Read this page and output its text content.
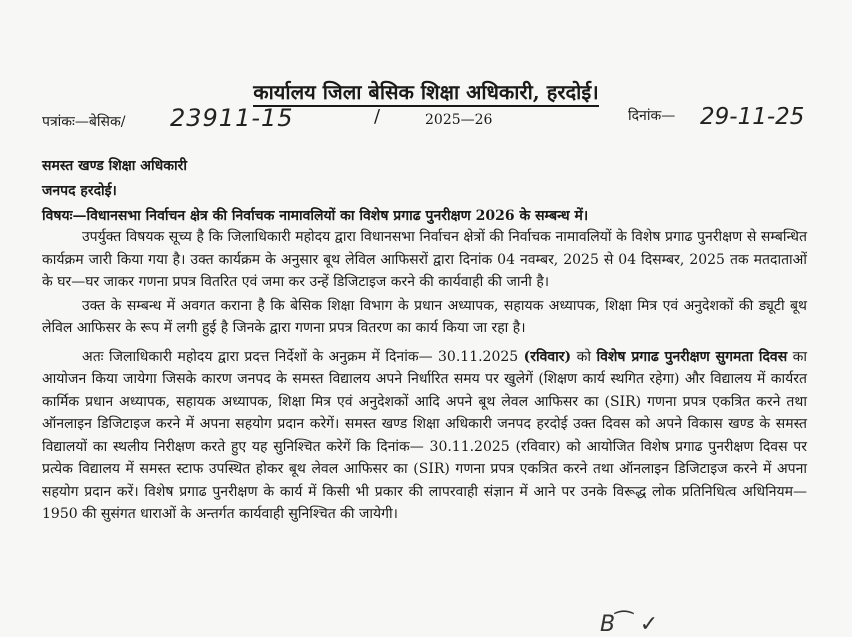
कार्यालय जिला बेसिक शिक्षा अधिकारी, हरदोई।
पत्रांकः—बेसिक/ 23911-15	/	2025—26	दिनांक— 29-11-25
समस्त खण्ड शिक्षा अधिकारी
जनपद हरदोई।
विषयः—विधानसभा निर्वाचन क्षेत्र की निर्वाचक नामावलियों का विशेष प्रगाढ पुनरीक्षण 2026 के सम्बन्ध में।

उपर्युक्त विषयक सूच्य है कि जिलाधिकारी महोदय द्वारा विधानसभा निर्वाचन क्षेत्रों की निर्वाचक नामावलियों के विशेष प्रगाढ पुनरीक्षण से सम्बन्धित कार्यक्रम जारी किया गया है। उक्त कार्यक्रम के अनुसार बूथ लेविल आफिसरों द्वारा दिनांक 04 नवम्बर, 2025 से 04 दिसम्बर, 2025 तक मतदाताओं के घर—घर जाकर गणना प्रपत्र वितरित एवं जमा कर उन्हें डिजिटाइज करने की कार्यवाही की जानी है।

उक्त के सम्बन्ध में अवगत कराना है कि बेसिक शिक्षा विभाग के प्रधान अध्यापक, सहायक अध्यापक, शिक्षा मित्र एवं अनुदेशकों की ड्यूटी बूथ लेविल आफिसर के रूप में लगी हुई है जिनके द्वारा गणना प्रपत्र वितरण का कार्य किया जा रहा है।

अतः जिलाधिकारी महोदय द्वारा प्रदत्त निर्देशों के अनुक्रम में दिनांक— 30.11.2025 (रविवार) को विशेष प्रगाढ पुनरीक्षण सुगमता दिवस का आयोजन किया जायेगा जिसके कारण जनपद के समस्त विद्यालय अपने निर्धारित समय पर खुलेगें (शिक्षण कार्य स्थगित रहेगा) और विद्यालय में कार्यरत कार्मिक प्रधान अध्यापक, सहायक अध्यापक, शिक्षा मित्र एवं अनुदेशकों आदि अपने बूथ लेवल आफिसर का (SIR) गणना प्रपत्र एकत्रित करने तथा ऑनलाइन डिजिटाइज करने में अपना सहयोग प्रदान करेगें। समस्त खण्ड शिक्षा अधिकारी जनपद हरदोई उक्त दिवस को अपने विकास खण्ड के समस्त विद्यालयों का स्थलीय निरीक्षण करते हुए यह सुनिश्चित करेगें कि दिनांक— 30.11.2025 (रविवार) को आयोजित विशेष प्रगाढ पुनरीक्षण दिवस पर प्रत्येक विद्यालय में समस्त स्टाफ उपस्थित होकर बूथ लेवल आफिसर का (SIR) गणना प्रपत्र एकत्रित करने तथा ऑनलाइन डिजिटाइज करने में अपना सहयोग प्रदान करें। विशेष प्रगाढ पुनरीक्षण के कार्य में किसी भी प्रकार की लापरवाही संज्ञान में आने पर उनके विरूद्ध लोक प्रतिनिधित्व अधिनियम—1950 की सुसंगत धाराओं के अन्तर्गत कार्यवाही सुनिश्चित की जायेगी।

B⁀ ✓
